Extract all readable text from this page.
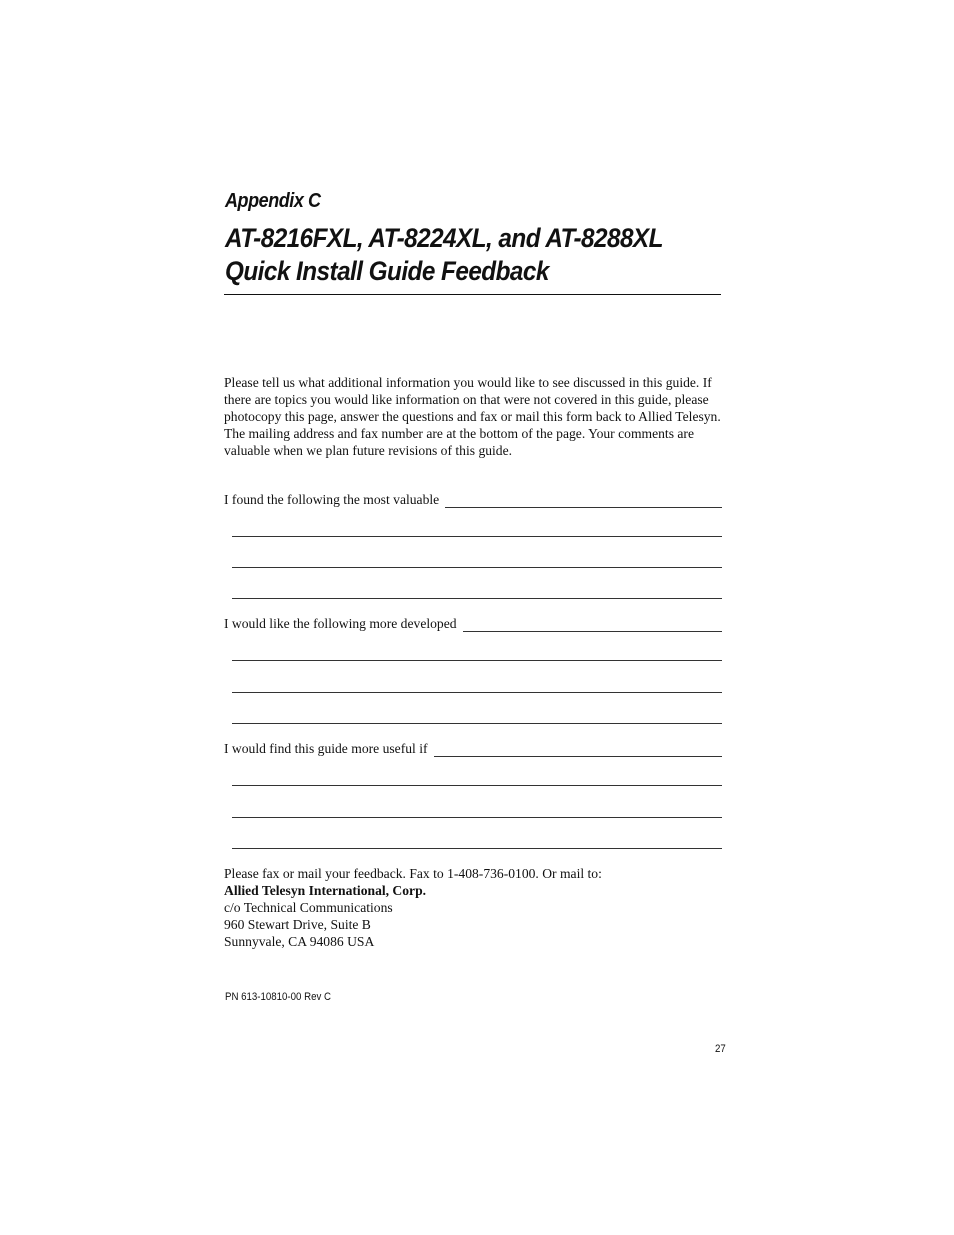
Appendix C
AT-8216FXL, AT-8224XL, and AT-8288XL
Quick Install Guide Feedback

Please tell us what additional information you would like to see discussed in this guide. If there are topics you would like information on that were not covered in this guide, please photocopy this page, answer the questions and fax or mail this form back to Allied Telesyn. The mailing address and fax number are at the bottom of the page. Your comments are valuable when we plan future revisions of this guide.

I found the following the most valuable
I would like the following more developed
I would find this guide more useful if
Please fax or mail your feedback. Fax to 1-408-736-0100. Or mail to:
Allied Telesyn International, Corp.
c/o Technical Communications
960 Stewart Drive, Suite B
Sunnyvale, CA 94086 USA
PN 613-10810-00 Rev C
27
